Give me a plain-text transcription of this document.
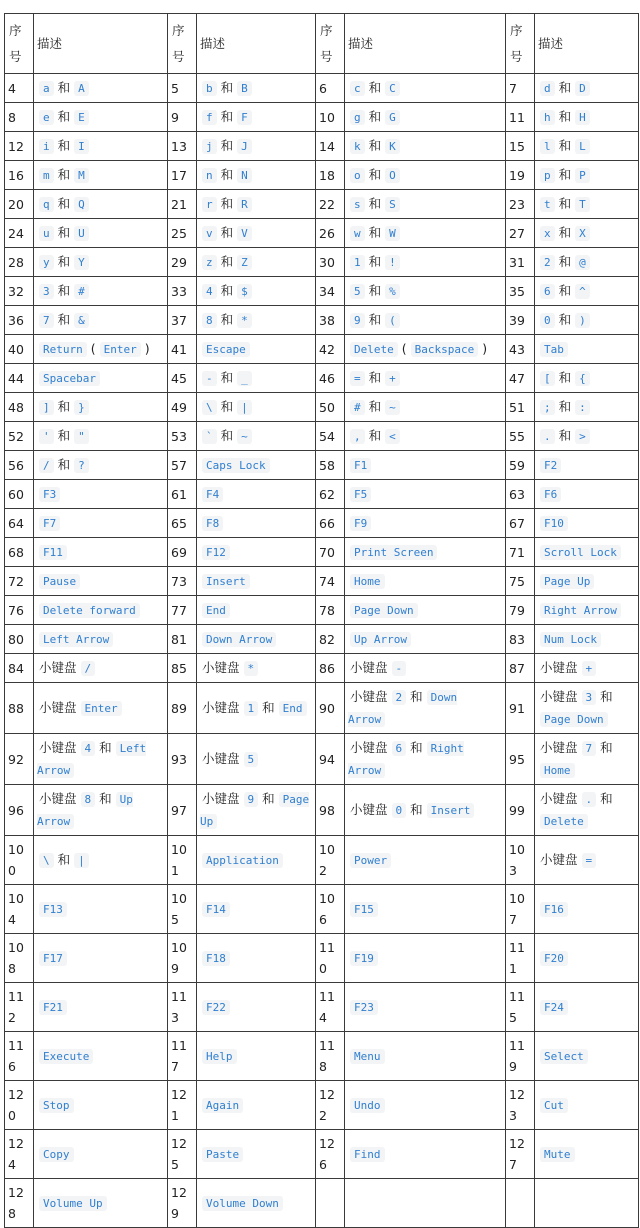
序号	描述	序号	描述	序号	描述	序号	描述
4	a 和 A	5	b 和 B	6	c 和 C	7	d 和 D
8	e 和 E	9	f 和 F	10	g 和 G	11	h 和 H
12	i 和 I	13	j 和 J	14	k 和 K	15	l 和 L
16	m 和 M	17	n 和 N	18	o 和 O	19	p 和 P
20	q 和 Q	21	r 和 R	22	s 和 S	23	t 和 T
24	u 和 U	25	v 和 V	26	w 和 W	27	x 和 X
28	y 和 Y	29	z 和 Z	30	1 和 !	31	2 和 @
32	3 和 #	33	4 和 $	34	5 和 %	35	6 和 ^
36	7 和 &	37	8 和 *	38	9 和 (	39	0 和 )
40	Return ( Enter )	41	Escape	42	Delete ( Backspace )	43	Tab
44	Spacebar	45	- 和 _	46	= 和 +	47	[ 和 {
48	] 和 }	49	\ 和 |	50	# 和 ~	51	; 和 :
52	' 和 "	53	` 和 ~	54	, 和 <	55	. 和 >
56	/ 和 ?	57	Caps Lock	58	F1	59	F2
60	F3	61	F4	62	F5	63	F6
64	F7	65	F8	66	F9	67	F10
68	F11	69	F12	70	Print Screen	71	Scroll Lock
72	Pause	73	Insert	74	Home	75	Page Up
76	Delete forward	77	End	78	Page Down	79	Right Arrow
80	Left Arrow	81	Down Arrow	82	Up Arrow	83	Num Lock
84	小键盘 /	85	小键盘 *	86	小键盘 -	87	小键盘 +
88	小键盘 Enter	89	小键盘 1 和 End	90	小键盘 2 和 Down Arrow	91	小键盘 3 和Page Down
92	小键盘 4 和 Left Arrow	93	小键盘 5	94	小键盘 6 和 Right Arrow	95	小键盘 7 和Home
96	小键盘 8 和 Up Arrow	97	小键盘 9 和 Page Up	98	小键盘 0 和 Insert	99	小键盘 . 和Delete
100	\ 和 |	101	Application	102	Power	103	小键盘 =
104	F13	105	F14	106	F15	107	F16
108	F17	109	F18	110	F19	111	F20
112	F21	113	F22	114	F23	115	F24
116	Execute	117	Help	118	Menu	119	Select
120	Stop	121	Again	122	Undo	123	Cut
124	Copy	125	Paste	126	Find	127	Mute
128	Volume Up	129	Volume Down				
